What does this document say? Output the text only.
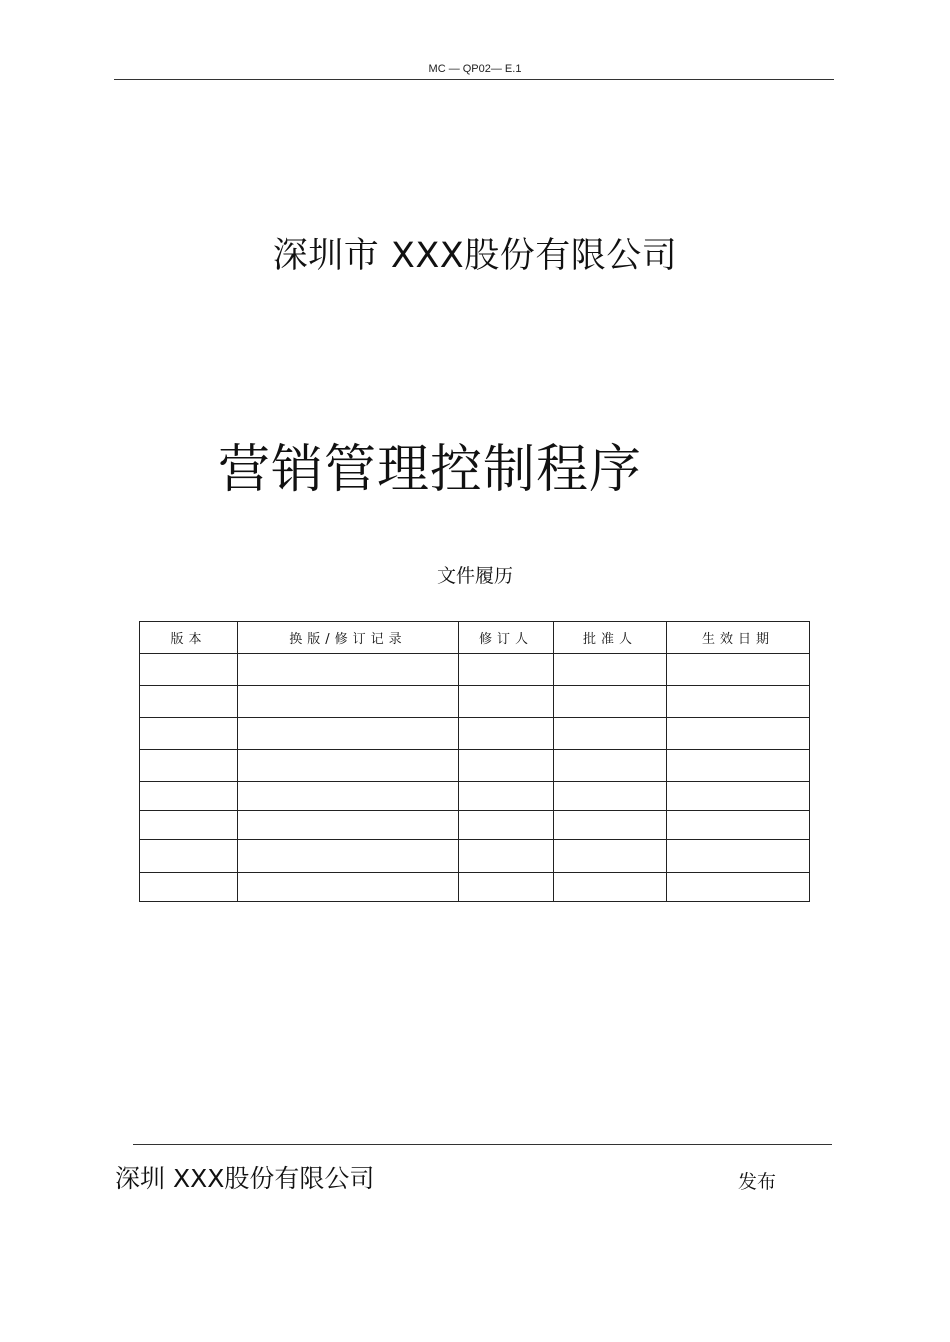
MC — QP02— E.1
深圳市 XXX股份有限公司
营销管理控制程序
文件履历
版本	换版/修订记录	修订人	批准人	生效日期

深圳 XXX股份有限公司	发布
